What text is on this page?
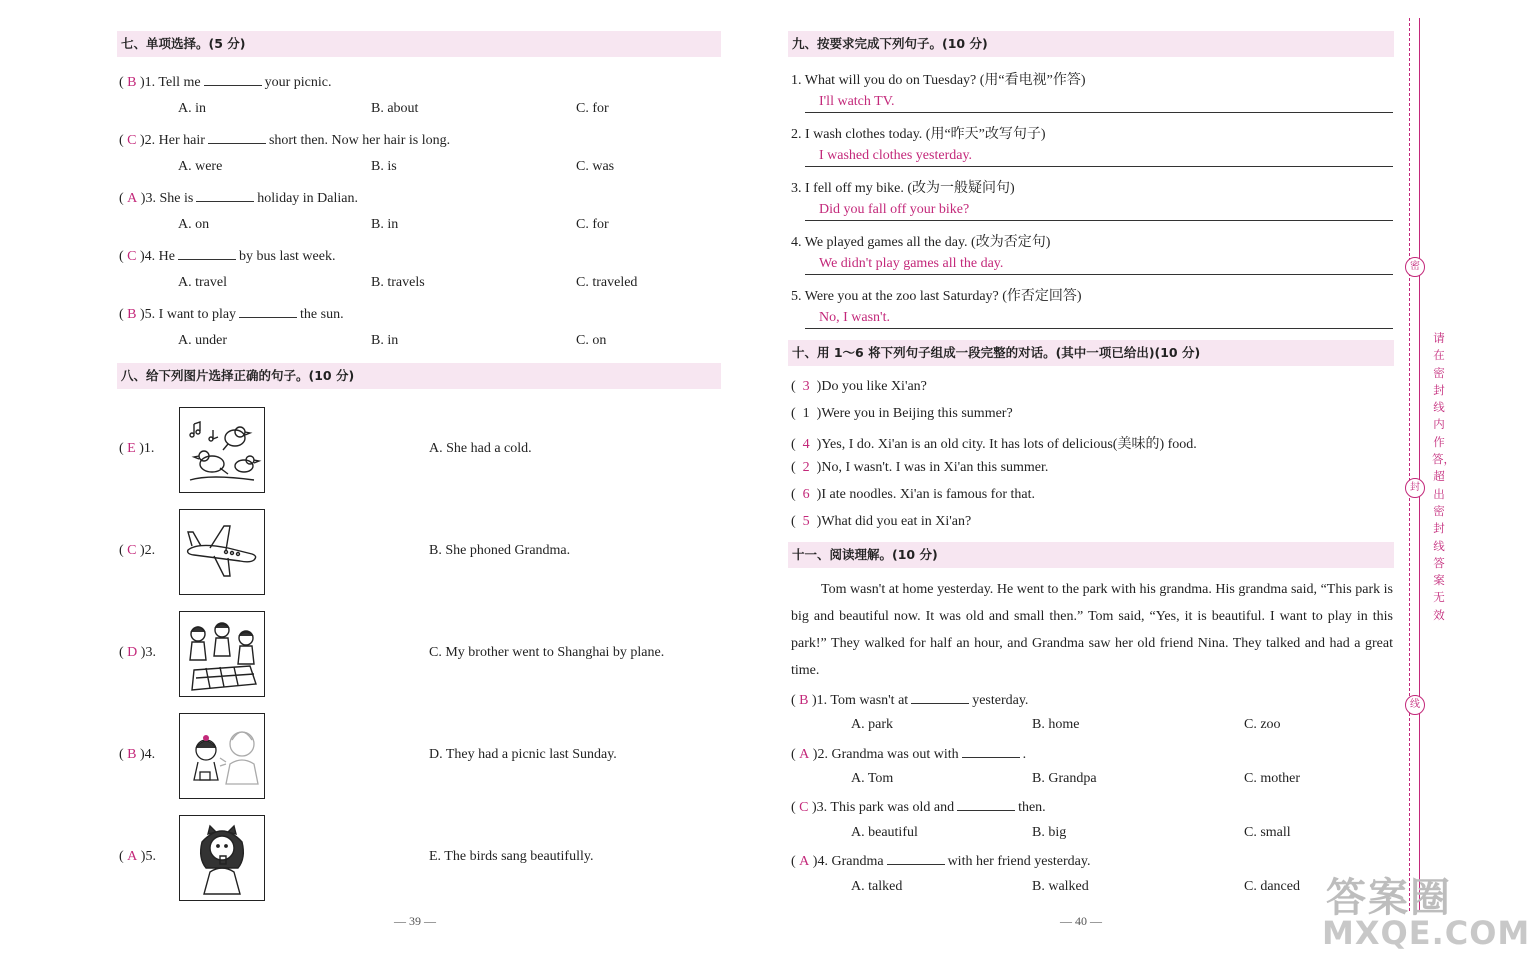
七、单项选择。(5 分)
( B )1. Tell me	your picnic.
A. in	B. about	C. for
( C )2. Her hair	short then. Now her hair is long.
A. were	B. is	C. was
( A )3. She is	holiday in Dalian.
A. on	B. in	C. for
( C )4. He	by bus last week.
A. travel	B. travels	C. traveled
( B )5. I want to play	the sun.
A. under	B. in	C. on
八、给下列图片选择正确的句子。(10 分)
( E )1.	A. She had a cold.
( C )2.	B. She phoned Grandma.
( D )3.	C. My brother went to Shanghai by plane.
( B )4.	D. They had a picnic last Sunday.
( A )5.	E. The birds sang beautifully.
— 39 —
九、按要求完成下列句子。(10 分)
1. What will you do on Tuesday? (用“看电视”作答)
I'll watch TV.
2. I wash clothes today. (用“昨天”改写句子)
I washed clothes yesterday.
3. I fell off my bike. (改为一般疑问句)
Did you fall off your bike?
4. We played games all the day. (改为否定句)
We didn't play games all the day.
5. Were you at the zoo last Saturday? (作否定回答)
No, I wasn't.
十、用 1～6 将下列句子组成一段完整的对话。(其中一项已给出)(10 分)
( 3 )Do you like Xi'an?
( 1 )Were you in Beijing this summer?
( 4 )Yes, I do. Xi'an is an old city. It has lots of delicious(美味的) food.
( 2 )No, I wasn't. I was in Xi'an this summer.
( 6 )I ate noodles. Xi'an is famous for that.
( 5 )What did you eat in Xi'an?
十一、阅读理解。(10 分)
Tom wasn't at home yesterday. He went to the park with his grandma. His grandma said, “This park is big and beautiful now. It was old and small then.” Tom said, “Yes, it is beautiful. I want to play in this park!” They walked for half an hour, and Grandma saw her old friend Nina. They talked and had a great time.
( B )1. Tom wasn't at	yesterday.
A. park	B. home	C. zoo
( A )2. Grandma was out with	.
A. Tom	B. Grandpa	C. mother
( C )3. This park was old and	then.
A. beautiful	B. big	C. small
( A )4. Grandma	with her friend yesterday.
A. talked	B. walked	C. danced
— 40 —
密
封
线
请在密封线内作答，超出密封线答案无效
答案圈
MXQE.COM
